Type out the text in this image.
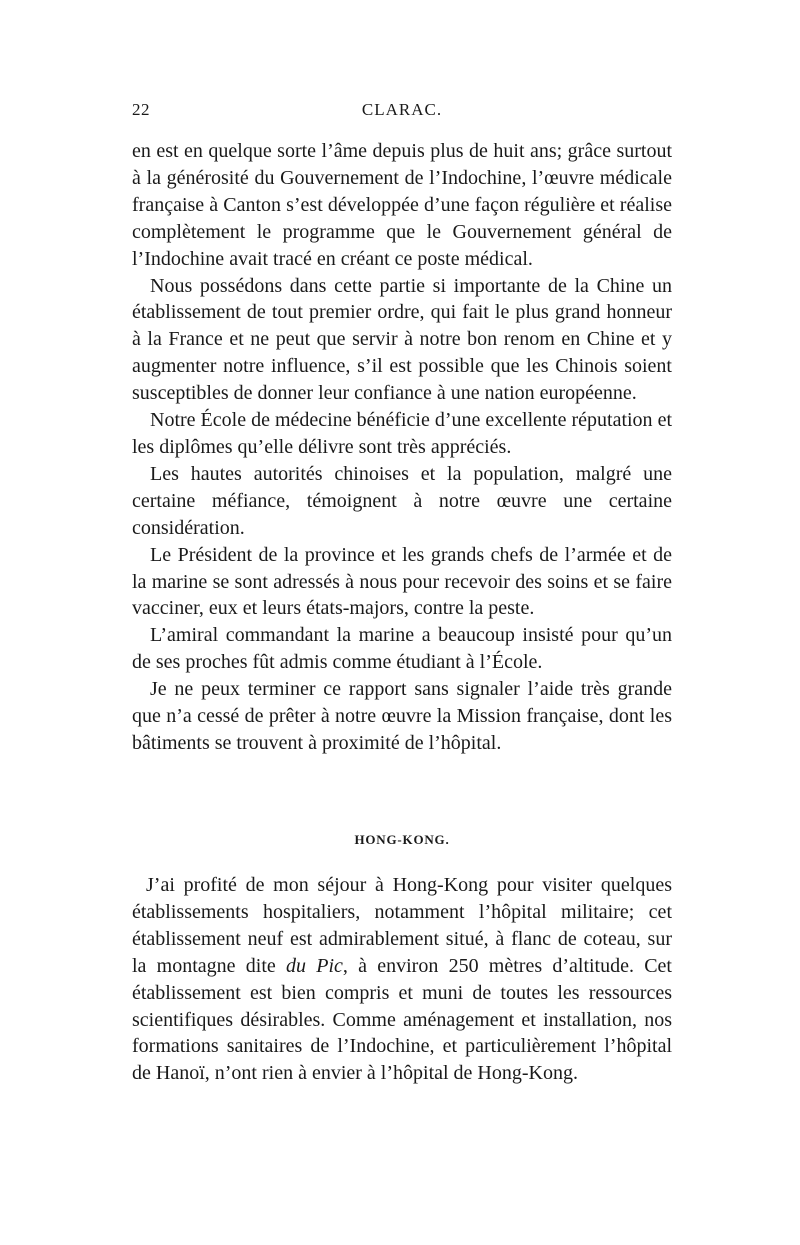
22	CLARAC.

en est en quelque sorte l’âme depuis plus de huit ans; grâce surtout à la générosité du Gouvernement de l’Indochine, l’œuvre médicale française à Canton s’est développée d’une façon régulière et réalise complètement le programme que le Gouvernement général de l’Indochine avait tracé en créant ce poste médical.

Nous possédons dans cette partie si importante de la Chine un établissement de tout premier ordre, qui fait le plus grand honneur à la France et ne peut que servir à notre bon renom en Chine et y augmenter notre influence, s’il est possible que les Chinois soient susceptibles de donner leur confiance à une nation européenne.

Notre École de médecine bénéficie d’une excellente réputation et les diplômes qu’elle délivre sont très appréciés.

Les hautes autorités chinoises et la population, malgré une certaine méfiance, témoignent à notre œuvre une certaine considération.

Le Président de la province et les grands chefs de l’armée et de la marine se sont adressés à nous pour recevoir des soins et se faire vacciner, eux et leurs états-majors, contre la peste.

L’amiral commandant la marine a beaucoup insisté pour qu’un de ses proches fût admis comme étudiant à l’École.

Je ne peux terminer ce rapport sans signaler l’aide très grande que n’a cessé de prêter à notre œuvre la Mission française, dont les bâtiments se trouvent à proximité de l’hôpital.

HONG-KONG.

J’ai profité de mon séjour à Hong-Kong pour visiter quelques établissements hospitaliers, notamment l’hôpital militaire; cet établissement neuf est admirablement situé, à flanc de coteau, sur la montagne dite du Pic, à environ 250 mètres d’altitude. Cet établissement est bien compris et muni de toutes les ressources scientifiques désirables. Comme aménagement et installation, nos formations sanitaires de l’Indochine, et particulièrement l’hôpital de Hanoï, n’ont rien à envier à l’hôpital de Hong-Kong.
